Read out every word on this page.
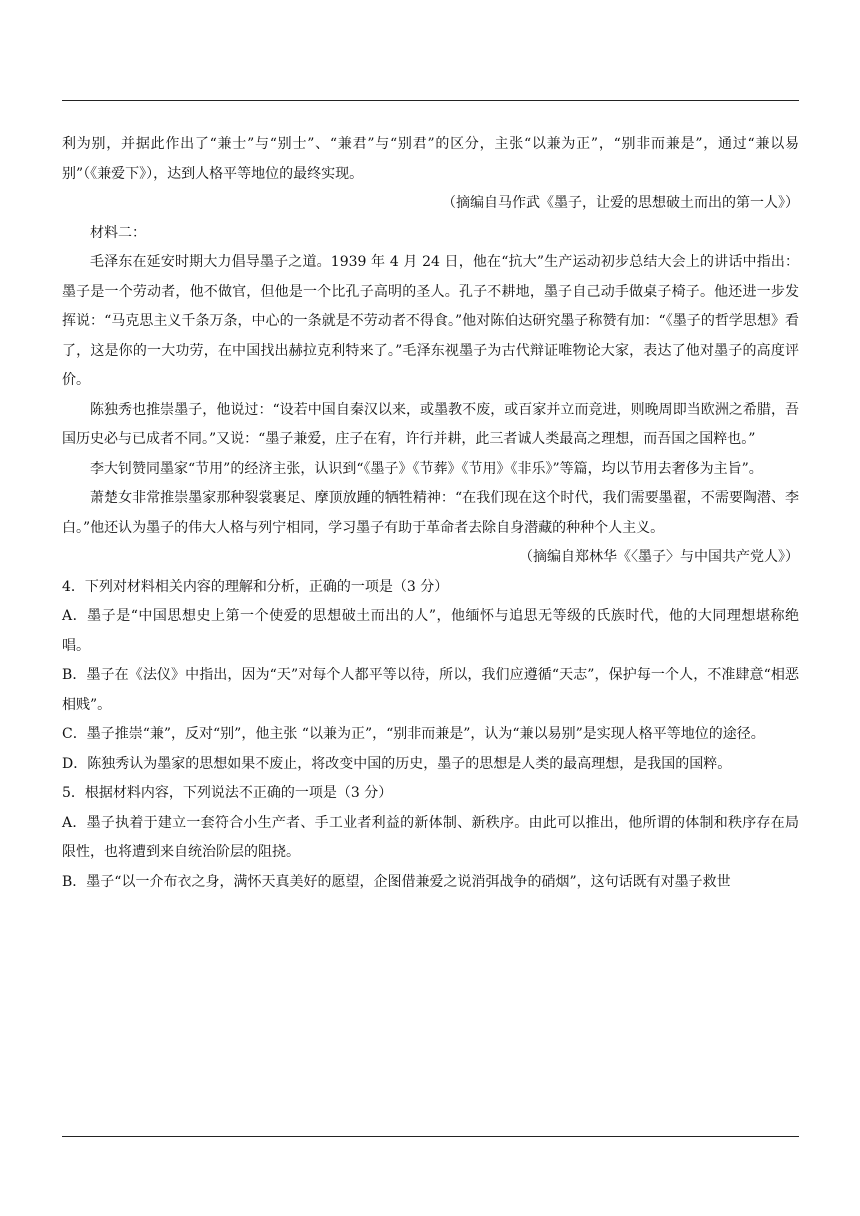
利为别，并据此作出了“兼士”与“别士”、“兼君”与“别君”的区分，主张“以兼为正”，“别非而兼是”，通过“兼以易别”（《兼爱下》），达到人格平等地位的最终实现。

（摘编自马作武《墨子，让爱的思想破土而出的第一人》）

材料二：

毛泽东在延安时期大力倡导墨子之道。1939 年 4 月 24 日，他在“抗大”生产运动初步总结大会上的讲话中指出：墨子是一个劳动者，他不做官，但他是一个比孔子高明的圣人。孔子不耕地，墨子自己动手做桌子椅子。他还进一步发挥说：“马克思主义千条万条，中心的一条就是不劳动者不得食。”他对陈伯达研究墨子称赞有加：“《墨子的哲学思想》看了，这是你的一大功劳，在中国找出赫拉克利特来了。”毛泽东视墨子为古代辩证唯物论大家，表达了他对墨子的高度评价。

陈独秀也推崇墨子，他说过：“设若中国自秦汉以来，或墨教不废，或百家并立而竞进，则晚周即当欧洲之希腊，吾国历史必与已成者不同。”又说：“墨子兼爱，庄子在宥，许行并耕，此三者诚人类最高之理想，而吾国之国粹也。”

李大钊赞同墨家“节用”的经济主张，认识到“《墨子》《节葬》《节用》《非乐》”等篇，均以节用去奢侈为主旨”。

萧楚女非常推崇墨家那种裂裳裹足、摩顶放踵的牺牲精神：“在我们现在这个时代，我们需要墨翟，不需要陶潜、李白。”他还认为墨子的伟大人格与列宁相同，学习墨子有助于革命者去除自身潜藏的种种个人主义。

（摘编自郑林华《〈墨子〉与中国共产党人》）

4．下列对材料相关内容的理解和分析，正确的一项是（3 分）

A．墨子是“中国思想史上第一个使爱的思想破土而出的人”，他缅怀与追思无等级的氏族时代，他的大同理想堪称绝唱。

B．墨子在《法仪》中指出，因为“天”对每个人都平等以待，所以，我们应遵循“天志”，保护每一个人，不准肆意“相恶相贱”。

C．墨子推崇“兼”，反对“别”，他主张 “以兼为正”，“别非而兼是”，认为“兼以易别”是实现人格平等地位的途径。

D．陈独秀认为墨家的思想如果不废止，将改变中国的历史，墨子的思想是人类的最高理想，是我国的国粹。

5．根据材料内容，下列说法不正确的一项是（3 分）

A．墨子执着于建立一套符合小生产者、手工业者利益的新体制、新秩序。由此可以推出，他所谓的体制和秩序存在局限性，也将遭到来自统治阶层的阻挠。

B．墨子“以一介布衣之身，满怀天真美好的愿望，企图借兼爱之说消弭战争的硝烟”，这句话既有对墨子救世
